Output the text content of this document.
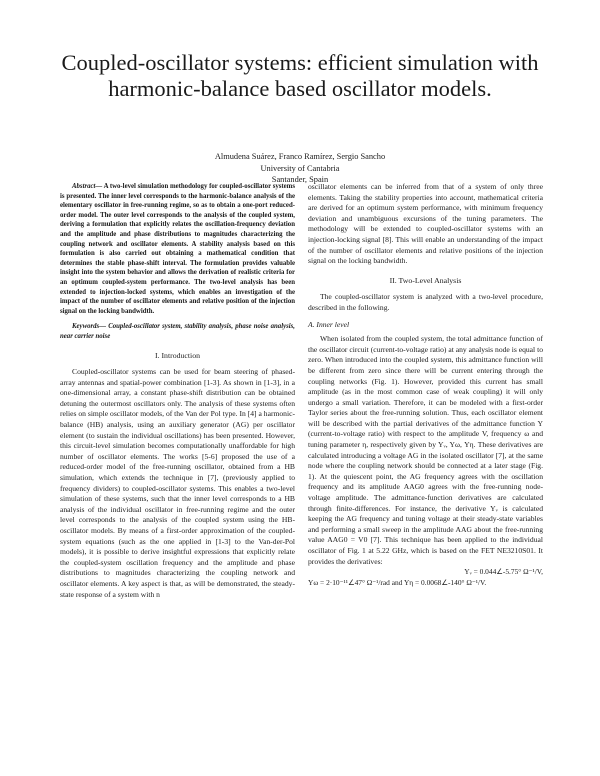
Coupled-oscillator systems: efficient simulation with
harmonic-balance based oscillator models.
Almudena Suárez, Franco Ramírez, Sergio Sancho
University of Cantabria
Santander, Spain

Abstract— A two-level simulation methodology for coupled-oscillator systems is presented. The inner level corresponds to the harmonic-balance analysis of the elementary oscillator in free-running regime, so as to obtain a one-port reduced-order model. The outer level corresponds to the analysis of the coupled system, deriving a formulation that explicitly relates the oscillation-frequency deviation and the amplitude and phase distributions to magnitudes characterizing the coupling network and oscillator elements. A stability analysis based on this formulation is also carried out obtaining a mathematical condition that determines the stable phase-shift interval. The formulation provides valuable insight into the system behavior and allows the derivation of realistic criteria for an optimum coupled-system performance. The two-level analysis has been extended to injection-locked systems, which enables an investigation of the impact of the number of oscillator elements and relative position of the injection signal on the locking bandwidth.

Keywords— Coupled-oscillator system, stability analysis, phase noise analysis, near carrier noise

I. Introduction

Coupled-oscillator systems can be used for beam steering of phased-array antennas and spatial-power combination [1-3]. As shown in [1-3], in a one-dimensional array, a constant phase-shift distribution can be obtained detuning the outermost oscillators only. The analysis of these systems often relies on simple oscillator models, of the Van der Pol type. In [4] a harmonic-balance (HB) analysis, using an auxiliary generator (AG) per oscillator element (to sustain the individual oscillations) has been presented. However, this circuit-level simulation becomes computationally unaffordable for high number of oscillator elements. The works [5-6] proposed the use of a reduced-order model of the free-running oscillator, obtained from a HB simulation, which extends the technique in [7], (previously applied to frequency dividers) to coupled-oscillator systems. This enables a two-level simulation of these systems, such that the inner level corresponds to a HB analysis of the individual oscillator in free-running regime and the outer level corresponds to the analysis of the coupled system using the HB-oscillator models. By means of a first-order approximation of the coupled-system equations (such as the one applied in [1-3] to the Van-der-Pol models), it is possible to derive insightful expressions that explicitly relate the coupled-system oscillation frequency and the amplitude and phase distributions to magnitudes characterizing the coupling network and oscillator elements. A key aspect is that, as will be demonstrated, the steady-state response of a system with n

oscillator elements can be inferred from that of a system of only three elements. Taking the stability properties into account, mathematical criteria are derived for an optimum system performance, with minimum frequency deviation and unambiguous excursions of the tuning parameters. The methodology will be extended to coupled-oscillator systems with an injection-locking signal [8]. This will enable an understanding of the impact of the number of oscillator elements and relative positions of the injection signal on the locking bandwidth.

II. Two-Level Analysis

The coupled-oscillator system is analyzed with a two-level procedure, described in the following.

A. Inner level

When isolated from the coupled system, the total admittance function of the oscillator circuit (current-to-voltage ratio) at any analysis node is equal to zero. When introduced into the coupled system, this admittance function will be different from zero since there will be current entering through the coupling networks (Fig. 1). However, provided this current has small amplitude (as in the most common case of weak coupling) it will only undergo a small variation. Therefore, it can be modeled with a first-order Taylor series about the free-running solution. Thus, each oscillator element will be described with the partial derivatives of the admittance function Y (current-to-voltage ratio) with respect to the amplitude V, frequency ω and tuning parameter η, respectively given by Yᵥ, Yω, Yη. These derivatives are calculated introducing a voltage AG in the isolated oscillator [7], at the same node where the coupling network should be connected at a later stage (Fig. 1). At the quiescent point, the AG frequency agrees with the oscillation frequency and its amplitude AAG0 agrees with the free-running node-voltage amplitude. The admittance-function derivatives are calculated through finite-differences. For instance, the derivative Yᵥ is calculated keeping the AG frequency and tuning voltage at their steady-state variables and performing a small sweep in the amplitude AAG about the free-running value AAG0 = V0 [7]. This technique has been applied to the individual oscillator of Fig. 1 at 5.22 GHz, which is based on the FET NE3210S01. It provides the derivatives:

Yᵥ = 0.044∠-5.75° Ω⁻¹/V,
Yω = 2·10⁻¹¹∠47° Ω⁻¹/rad and Yη = 0.0068∠-140° Ω⁻¹/V.
